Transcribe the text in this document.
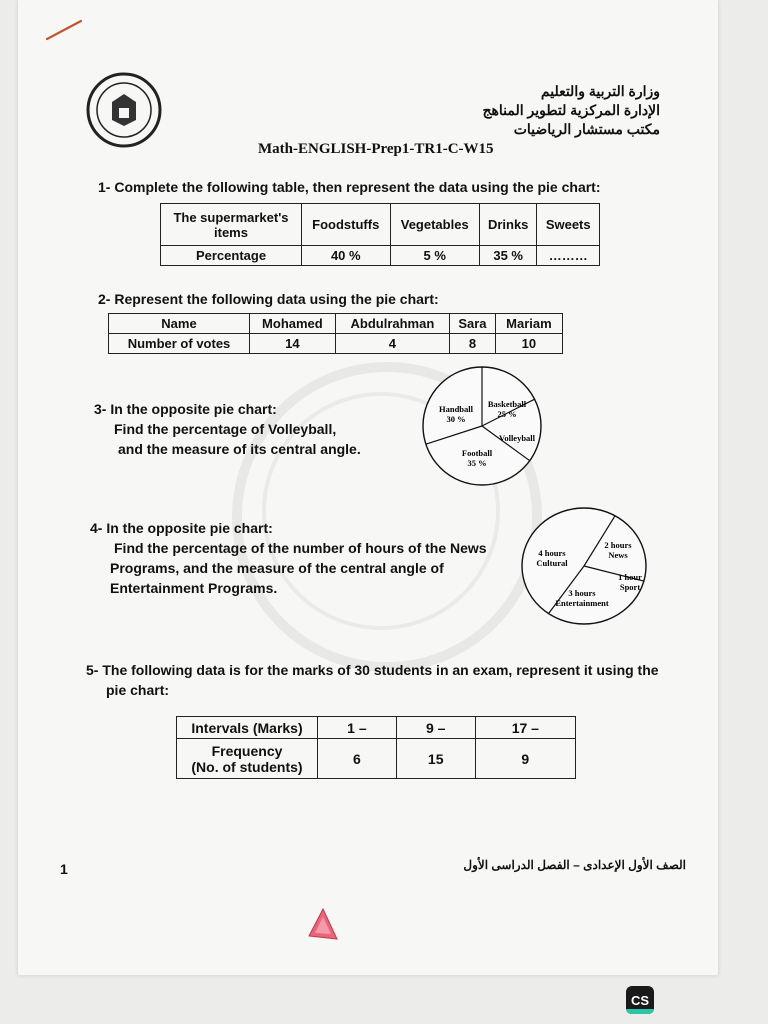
وزارة التربية والتعليم
الإدارة المركزية لتطوير المناهج
مكتب مستشار الرياضيات
Math-ENGLISH-Prep1-TR1-C-W15
1- Complete the following table, then represent the data using the pie chart:
The supermarket's items	Foodstuffs	Vegetables	Drinks	Sweets
Percentage	40 %	5 %	35 %	………
2- Represent the following data using the pie chart:
Name	Mohamed	Abdulrahman	Sara	Mariam
Number of votes	14	4	8	10
3- In the opposite pie chart:
Find the percentage of Volleyball,
and the measure of its central angle.
Handball
30 %
Basketball
25 %
Volleyball
Football
35 %
4- In the opposite pie chart:
Find the percentage of the number of hours of the News
Programs, and the measure of the central angle of
Entertainment Programs.
4 hours
Cultural
2 hours
News
1 hour
Sport
3 hours
Entertainment
5- The following data is for the marks of 30 students in an exam, represent it using the
pie chart:
Intervals (Marks)	1 –	9 –	17 –

Frequency
(No. of students)	6	15	9
1	الصف الأول الإعدادى – الفصل الدراسى الأول
CS
